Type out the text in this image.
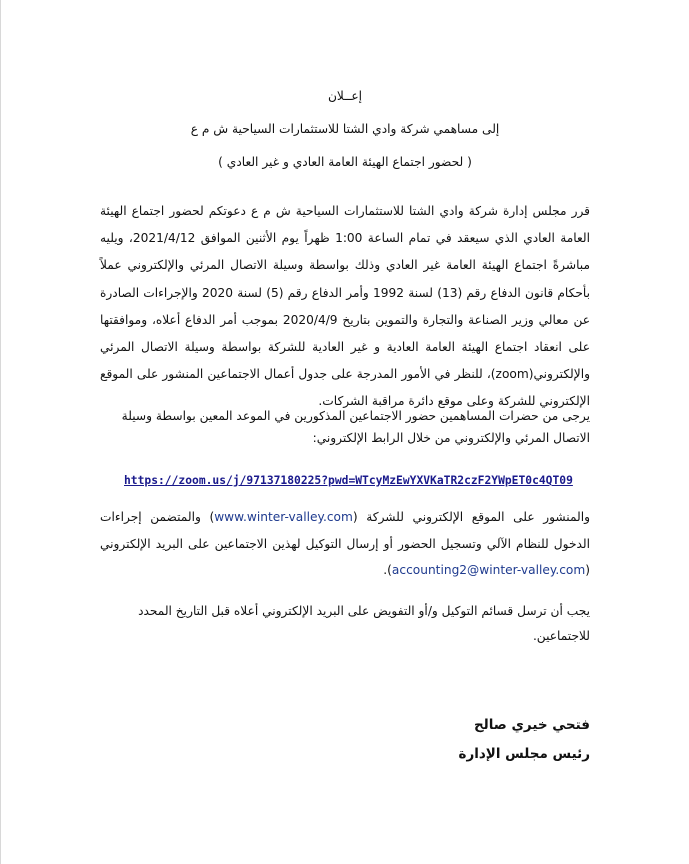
إعــلان
إلى مساهمي شركة وادي الشتا للاستثمارات السياحية ش م ع
( لحضور اجتماع الهيئة العامة العادي و غير العادي )
قرر مجلس إدارة شركة وادي الشتا للاستثمارات السياحية ش م ع دعوتكم لحضور اجتماع الهيئة العامة العادي الذي سيعقد في تمام الساعة 1:00 ظهراً يوم الأثنين الموافق 2021/4/12، ويليه مباشرةً اجتماع الهيئة العامة غير العادي وذلك بواسطة وسيلة الاتصال المرئي والإلكتروني عملاً بأحكام قانون الدفاع رقم (13) لسنة 1992 وأمر الدفاع رقم (5) لسنة 2020 والإجراءات الصادرة عن معالي وزير الصناعة والتجارة والتموين بتاريخ 2020/4/9 بموجب أمر الدفاع أعلاه، وموافقتها على انعقاد اجتماع الهيئة العامة العادية و غير العادية للشركة بواسطة وسيلة الاتصال المرئي والإلكتروني(zoom)، للنظر في الأمور المدرجة على جدول أعمال الاجتماعين المنشور على الموقع الإلكتروني للشركة وعلى موقع دائرة مراقبة الشركات.
يرجى من حضرات المساهمين حضور الاجتماعين المذكورين في الموعد المعين بواسطة وسيلة الاتصال المرئي والإلكتروني من خلال الرابط الإلكتروني:
https://zoom.us/j/97137180225?pwd=WTcyMzEwYXVKaTR2czF2YWpET0c4QT09
والمنشور على الموقع الإلكتروني للشركة (www.winter-valley.com) والمتضمن إجراءات الدخول للنظام الآلي وتسجيل الحضور أو إرسال التوكيل لهذين الاجتماعين على البريد الإلكتروني (accounting2@winter-valley.com).
يجب أن ترسل قسائم التوكيل و/أو التفويض على البريد الإلكتروني أعلاه قبل التاريخ المحدد للاجتماعين.
فتحي خيري صالح
رئيس مجلس الإدارة
